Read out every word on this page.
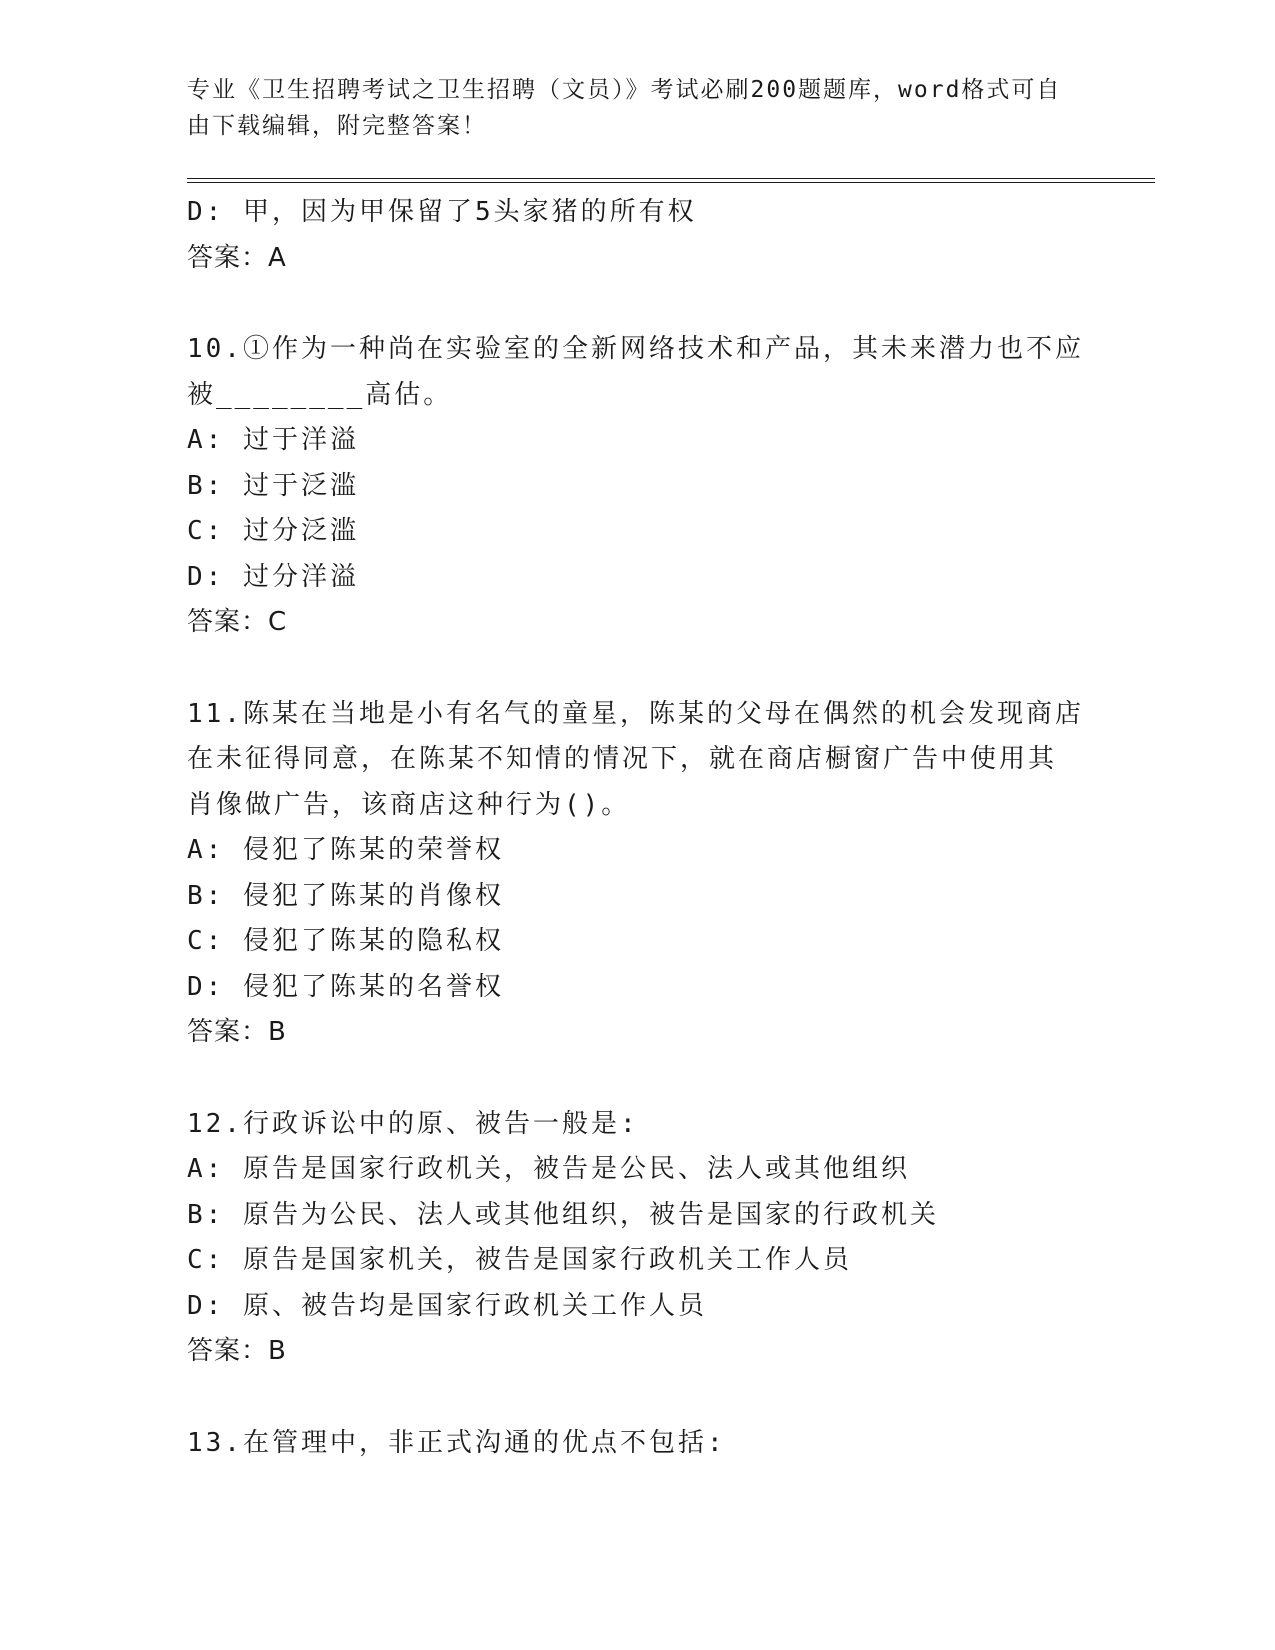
专业《卫生招聘考试之卫生招聘（文员）》考试必刷200题题库，word格式可自
由下载编辑，附完整答案！
D: 甲，因为甲保留了5头家猪的所有权
答案：A
10.①作为一种尚在实验室的全新网络技术和产品，其未来潜力也不应
被________高估。
A: 过于洋溢
B: 过于泛滥
C: 过分泛滥
D: 过分洋溢
答案：C
11.陈某在当地是小有名气的童星，陈某的父母在偶然的机会发现商店
在未征得同意，在陈某不知情的情况下，就在商店橱窗广告中使用其
肖像做广告，该商店这种行为()。
A: 侵犯了陈某的荣誉权
B: 侵犯了陈某的肖像权
C: 侵犯了陈某的隐私权
D: 侵犯了陈某的名誉权
答案：B
12.行政诉讼中的原、被告一般是:
A: 原告是国家行政机关，被告是公民、法人或其他组织
B: 原告为公民、法人或其他组织，被告是国家的行政机关
C: 原告是国家机关，被告是国家行政机关工作人员
D: 原、被告均是国家行政机关工作人员
答案：B
13.在管理中，非正式沟通的优点不包括:
